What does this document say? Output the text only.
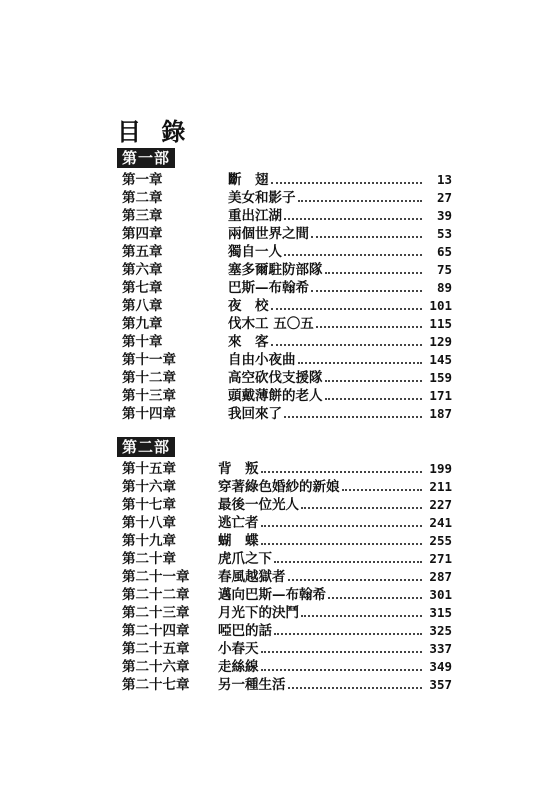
目 錄
第一部
第一章	斷　翅	13
第二章	美女和影子	27
第三章	重出江湖	39
第四章	兩個世界之間	53
第五章	獨自一人	65
第六章	塞多爾駐防部隊	75
第七章	巴斯—布翰希	89
第八章	夜　校	101
第九章	伐木工 五〇五	115
第十章	來　客	129
第十一章	自由小夜曲	145
第十二章	高空砍伐支援隊	159
第十三章	頭戴薄餅的老人	171
第十四章	我回來了	187
第二部
第十五章	背　叛	199
第十六章	穿著綠色婚紗的新娘	211
第十七章	最後一位光人	227
第十八章	逃亡者	241
第十九章	蝴　蝶	255
第二十章	虎爪之下	271
第二十一章	春風越獄者	287
第二十二章	邁向巴斯—布翰希	301
第二十三章	月光下的決鬥	315
第二十四章	啞巴的話	325
第二十五章	小春天	337
第二十六章	走絲線	349
第二十七章	另一種生活	357
